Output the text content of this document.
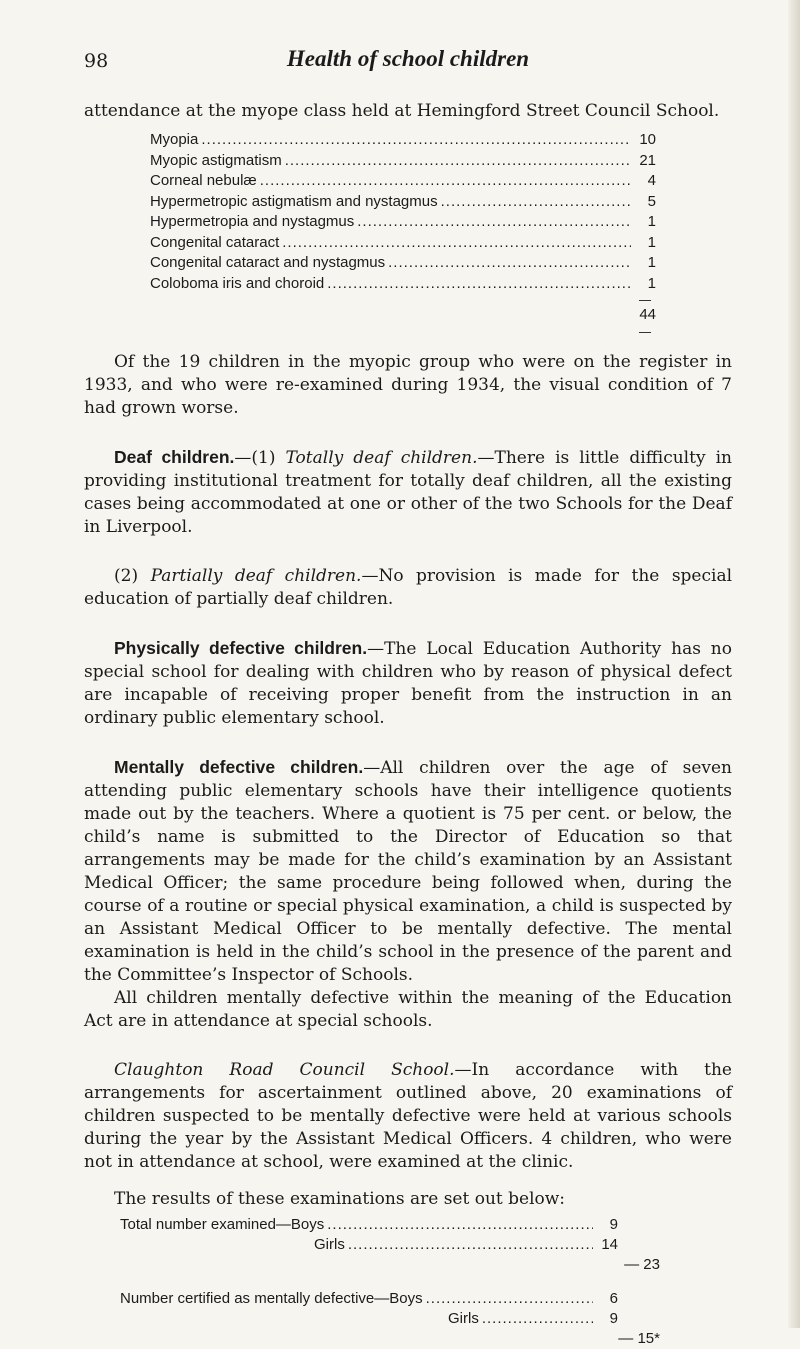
98	Health of school children

attendance at the myope class held at Hemingford Street Council School.

Myopia .....	10
Myopic astigmatism .....	21
Corneal nebulæ .....	4
Hypermetropic astigmatism and nystagmus .....	5
Hypermetropia and nystagmus .....	1
Congenital cataract .....	1
Congenital cataract and nystagmus .....	1
Coloboma iris and choroid .....	1
44

Of the 19 children in the myopic group who were on the register in 1933, and who were re-examined during 1934, the visual condition of 7 had grown worse.

Deaf children.—(1) Totally deaf children.—There is little difficulty in providing institutional treatment for totally deaf children, all the existing cases being accommodated at one or other of the two Schools for the Deaf in Liverpool.

(2) Partially deaf children.—No provision is made for the special education of partially deaf children.

Physically defective children.—The Local Education Authority has no special school for dealing with children who by reason of physical defect are incapable of receiving proper benefit from the instruction in an ordinary public elementary school.

Mentally defective children.—All children over the age of seven attending public elementary schools have their intelligence quotients made out by the teachers. Where a quotient is 75 per cent. or below, the child’s name is submitted to the Director of Education so that arrangements may be made for the child’s examination by an Assistant Medical Officer; the same procedure being followed when, during the course of a routine or special physical examination, a child is suspected by an Assistant Medical Officer to be mentally defective. The mental examination is held in the child’s school in the presence of the parent and the Committee’s Inspector of Schools.

All children mentally defective within the meaning of the Education Act are in attendance at special schools.

Claughton Road Council School.—In accordance with the arrangements for ascertainment outlined above, 20 examinations of children suspected to be mentally defective were held at various schools during the year by the Assistant Medical Officers. 4 children, who were not in attendance at school, were examined at the clinic.

The results of these examinations are set out below:

Total number examined—Boys .....	9
Girls .....	14
— 23
Number certified as mentally defective—Boys .....	6
Girls .....	9
— 15*
